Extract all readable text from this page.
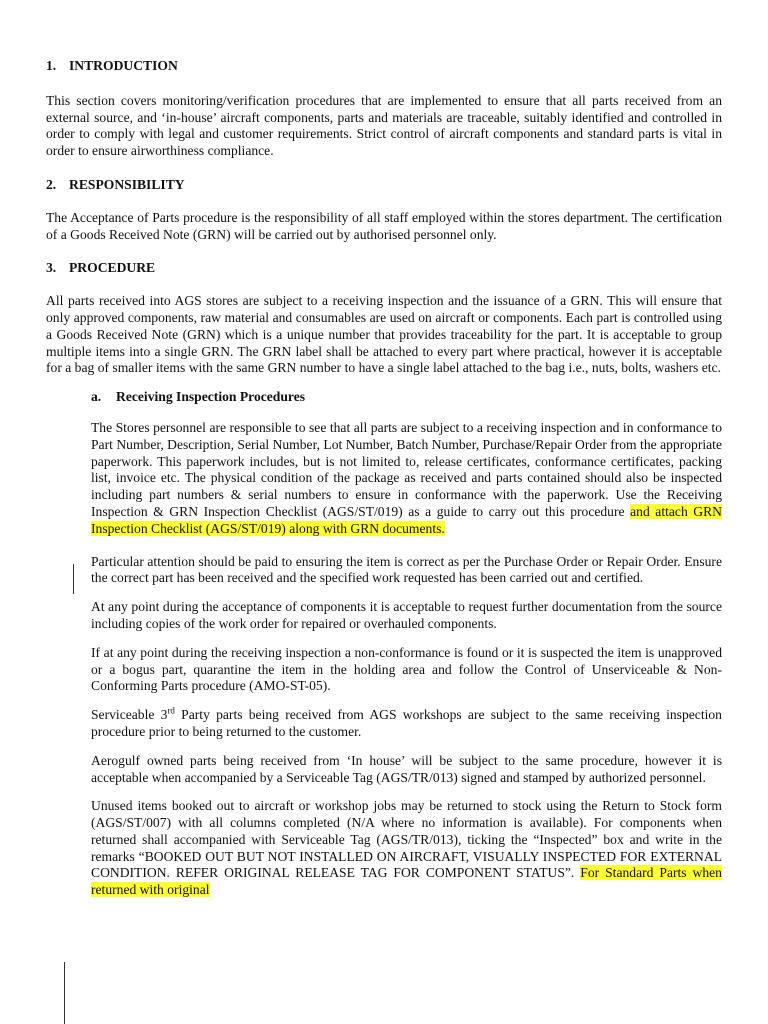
1. INTRODUCTION

This section covers monitoring/verification procedures that are implemented to ensure that all parts received from an external source, and ‘in-house’ aircraft components, parts and materials are traceable, suitably identified and controlled in order to comply with legal and customer requirements. Strict control of aircraft components and standard parts is vital in order to ensure airworthiness compliance.

2. RESPONSIBILITY

The Acceptance of Parts procedure is the responsibility of all staff employed within the stores department. The certification of a Goods Received Note (GRN) will be carried out by authorised personnel only.

3. PROCEDURE

All parts received into AGS stores are subject to a receiving inspection and the issuance of a GRN. This will ensure that only approved components, raw material and consumables are used on aircraft or components. Each part is controlled using a Goods Received Note (GRN) which is a unique number that provides traceability for the part. It is acceptable to group multiple items into a single GRN. The GRN label shall be attached to every part where practical, however it is acceptable for a bag of smaller items with the same GRN number to have a single label attached to the bag i.e., nuts, bolts, washers etc.

a. Receiving Inspection Procedures

The Stores personnel are responsible to see that all parts are subject to a receiving inspection and in conformance to Part Number, Description, Serial Number, Lot Number, Batch Number, Purchase/Repair Order from the appropriate paperwork. This paperwork includes, but is not limited to, release certificates, conformance certificates, packing list, invoice etc. The physical condition of the package as received and parts contained should also be inspected including part numbers & serial numbers to ensure in conformance with the paperwork. Use the Receiving Inspection & GRN Inspection Checklist (AGS/ST/019) as a guide to carry out this procedure and attach GRN Inspection Checklist (AGS/ST/019) along with GRN documents.

Particular attention should be paid to ensuring the item is correct as per the Purchase Order or Repair Order. Ensure the correct part has been received and the specified work requested has been carried out and certified.

At any point during the acceptance of components it is acceptable to request further documentation from the source including copies of the work order for repaired or overhauled components.

If at any point during the receiving inspection a non-conformance is found or it is suspected the item is unapproved or a bogus part, quarantine the item in the holding area and follow the Control of Unserviceable & Non-Conforming Parts procedure (AMO-ST-05).

Serviceable 3rd Party parts being received from AGS workshops are subject to the same receiving inspection procedure prior to being returned to the customer.

Aerogulf owned parts being received from ‘In house’ will be subject to the same procedure, however it is acceptable when accompanied by a Serviceable Tag (AGS/TR/013) signed and stamped by authorized personnel.

Unused items booked out to aircraft or workshop jobs may be returned to stock using the Return to Stock form (AGS/ST/007) with all columns completed (N/A where no information is available). For components when returned shall accompanied with Serviceable Tag (AGS/TR/013), ticking the “Inspected” box and write in the remarks “BOOKED OUT BUT NOT INSTALLED ON AIRCRAFT, VISUALLY INSPECTED FOR EXTERNAL CONDITION. REFER ORIGINAL RELEASE TAG FOR COMPONENT STATUS”. For Standard Parts when returned with original
